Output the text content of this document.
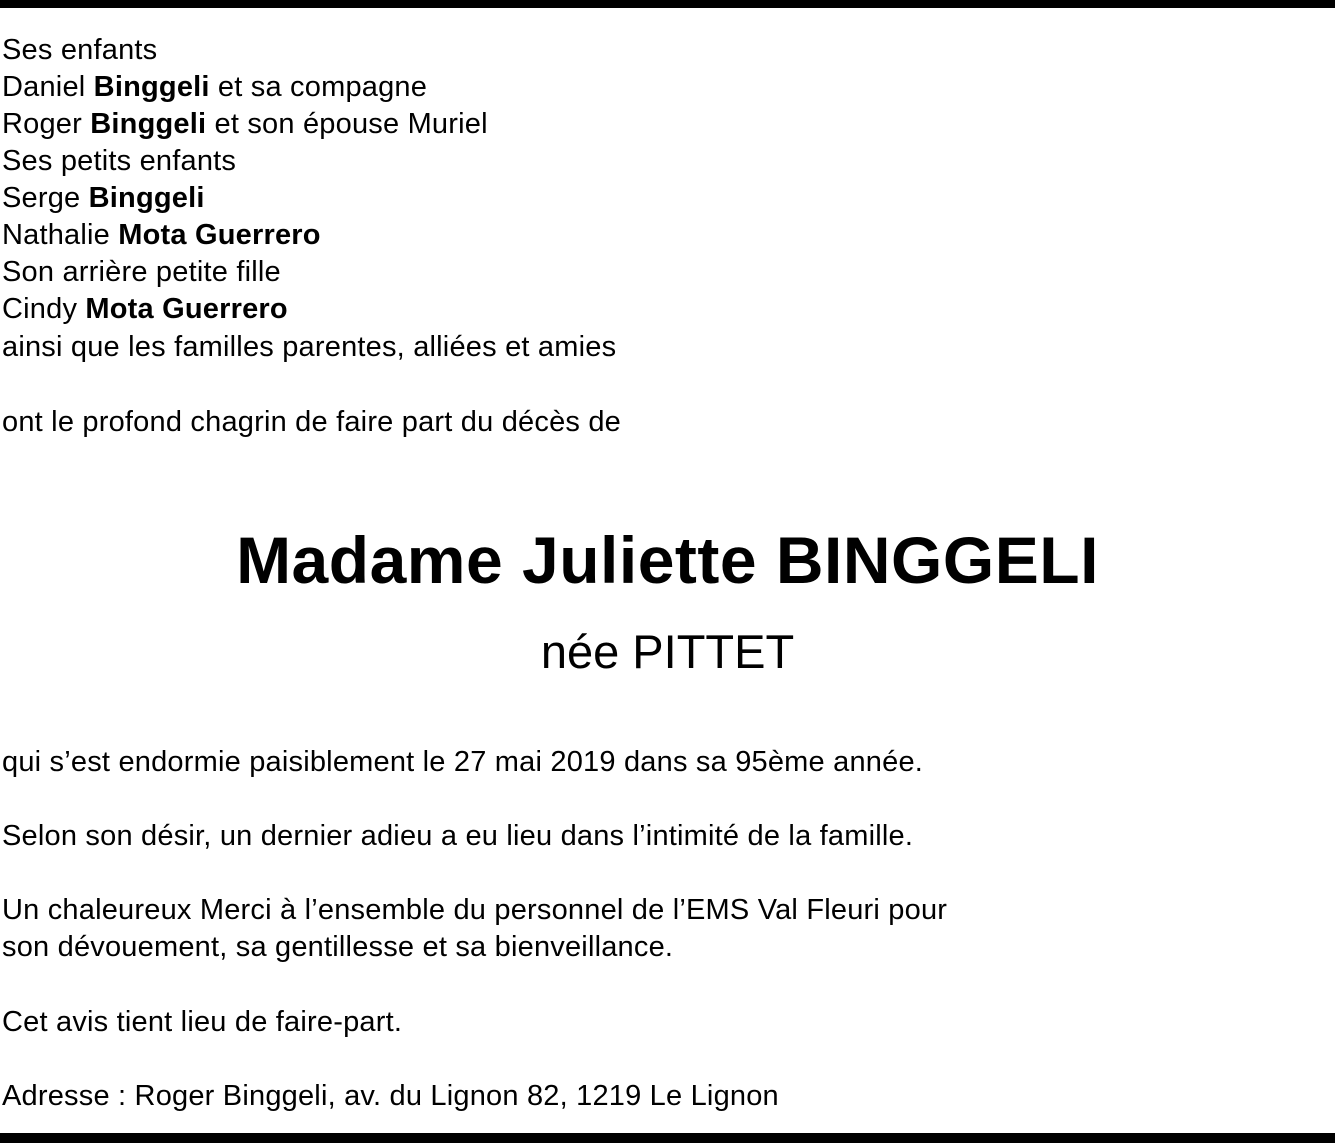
Ses enfants
Daniel Binggeli et sa compagne
Roger Binggeli et son épouse Muriel
Ses petits enfants
Serge Binggeli
Nathalie Mota Guerrero
Son arrière petite fille
Cindy Mota Guerrero
ainsi que les familles parentes, alliées et amies
ont le profond chagrin de faire part du décès de
Madame Juliette BINGGELI
née PITTET
qui s’est endormie paisiblement le 27 mai 2019 dans sa 95ème année.
Selon son désir, un dernier adieu a eu lieu dans l’intimité de la famille.
Un chaleureux Merci à l’ensemble du personnel de l’EMS Val Fleuri pour
son dévouement, sa gentillesse et sa bienveillance.
Cet avis tient lieu de faire-part.
Adresse : Roger Binggeli, av. du Lignon 82, 1219 Le Lignon
